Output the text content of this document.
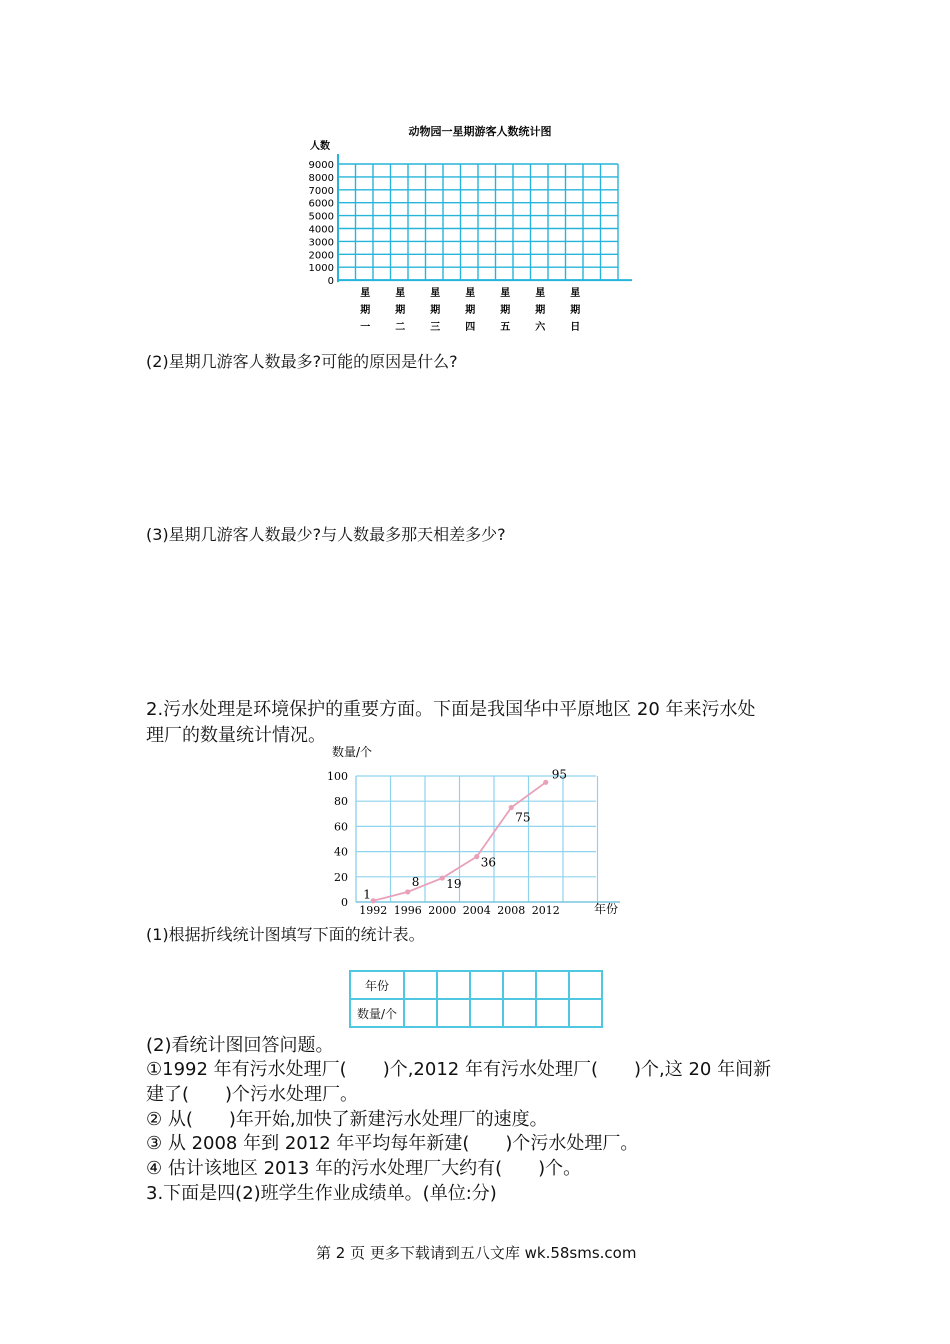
动物园一星期游客人数统计图
人数
9000
8000
7000
6000
5000
4000
3000
2000
1000
0
星
期
一
星
期
二
星
期
三
星
期
四
星
期
五
星
期
六
星
期
日
(2)星期几游客人数最多?可能的原因是什么?
(3)星期几游客人数最少?与人数最多那天相差多少?
2.污水处理是环境保护的重要方面。下面是我国华中平原地区 20 年来污水处
理厂的数量统计情况。
数量/个
0
20
40
60
80
100
1992 1996 2000 2004 2008 2012
1
8 19
36
75
95
年份
(1)根据折线统计图填写下面的统计表。
年份						
数量/个						
(2)看统计图回答问题。
①1992 年有污水处理厂(　　)个,2012 年有污水处理厂(　　)个,这 20 年间新
建了(　　)个污水处理厂。
② 从(　　)年开始,加快了新建污水处理厂的速度。
③ 从 2008 年到 2012 年平均每年新建(　　)个污水处理厂。
④ 估计该地区 2013 年的污水处理厂大约有(　　)个。
3.下面是四(2)班学生作业成绩单。(单位:分)
第 2 页 更多下载请到五八文库 wk.58sms.com
